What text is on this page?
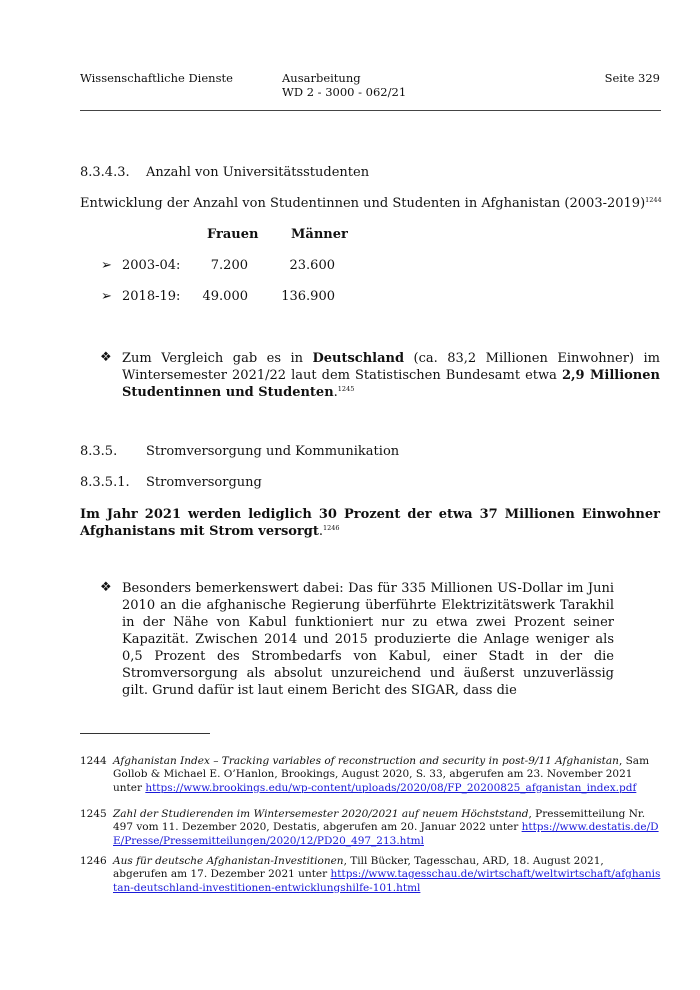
Wissenschaftliche Dienste	Ausarbeitung
WD 2 - 3000 - 062/21
Seite 329
8.3.4.3. Anzahl von Universitätsstudenten
Entwicklung der Anzahl von Studentinnen und Studenten in Afghanistan (2003-2019)$^{1244}$
Frauen	Männer
➢ 2003-04:	7.200	23.600
➢ 2018-19:	49.000	136.900
❖ Zum Vergleich gab es in Deutschland (ca. 83,2 Millionen Einwohner) im Wintersemester 2021/22 laut dem Statistischen Bundesamt etwa 2,9 Millionen Studentinnen und Studenten.$^{1245}$
8.3.5. Stromversorgung und Kommunikation
8.3.5.1. Stromversorgung
Im Jahr 2021 werden lediglich 30 Prozent der etwa 37 Millionen Einwohner Afghanistans mit Strom versorgt.$^{1246}$
❖ Besonders bemerkenswert dabei: Das für 335 Millionen US-Dollar im Juni 2010 an die afghanische Regierung überführte Elektrizitätswerk Tarakhil in der Nähe von Kabul funktioniert nur zu etwa zwei Prozent seiner Kapazität. Zwischen 2014 und 2015 produzierte die Anlage weniger als 0,5 Prozent des Strombedarfs von Kabul, einer Stadt in der die Stromversorgung als absolut unzureichend und äußerst unzuverlässig gilt. Grund dafür ist laut einem Bericht des SIGAR, dass die
1244 Afghanistan Index – Tracking variables of reconstruction and security in post-9/11 Afghanistan, Sam Gollob & Michael E. O’Hanlon, Brookings, August 2020, S. 33, abgerufen am 23. November 2021 unter https://www.brookings.edu/wp-content/uploads/2020/08/FP_20200825_afganistan_index.pdf
1245 Zahl der Studierenden im Wintersemester 2020/2021 auf neuem Höchststand, Pressemitteilung Nr. 497 vom 11. Dezember 2020, Destatis, abgerufen am 20. Januar 2022 unter https://www.destatis.de/DE/Presse/Pressemitteilungen/2020/12/PD20_497_213.html
1246 Aus für deutsche Afghanistan-Investitionen, Till Bücker, Tagesschau, ARD, 18. August 2021, abgerufen am 17. Dezember 2021 unter https://www.tagesschau.de/wirtschaft/weltwirtschaft/afghanistan-deutschland-investitionen-entwicklungshilfe-101.html
